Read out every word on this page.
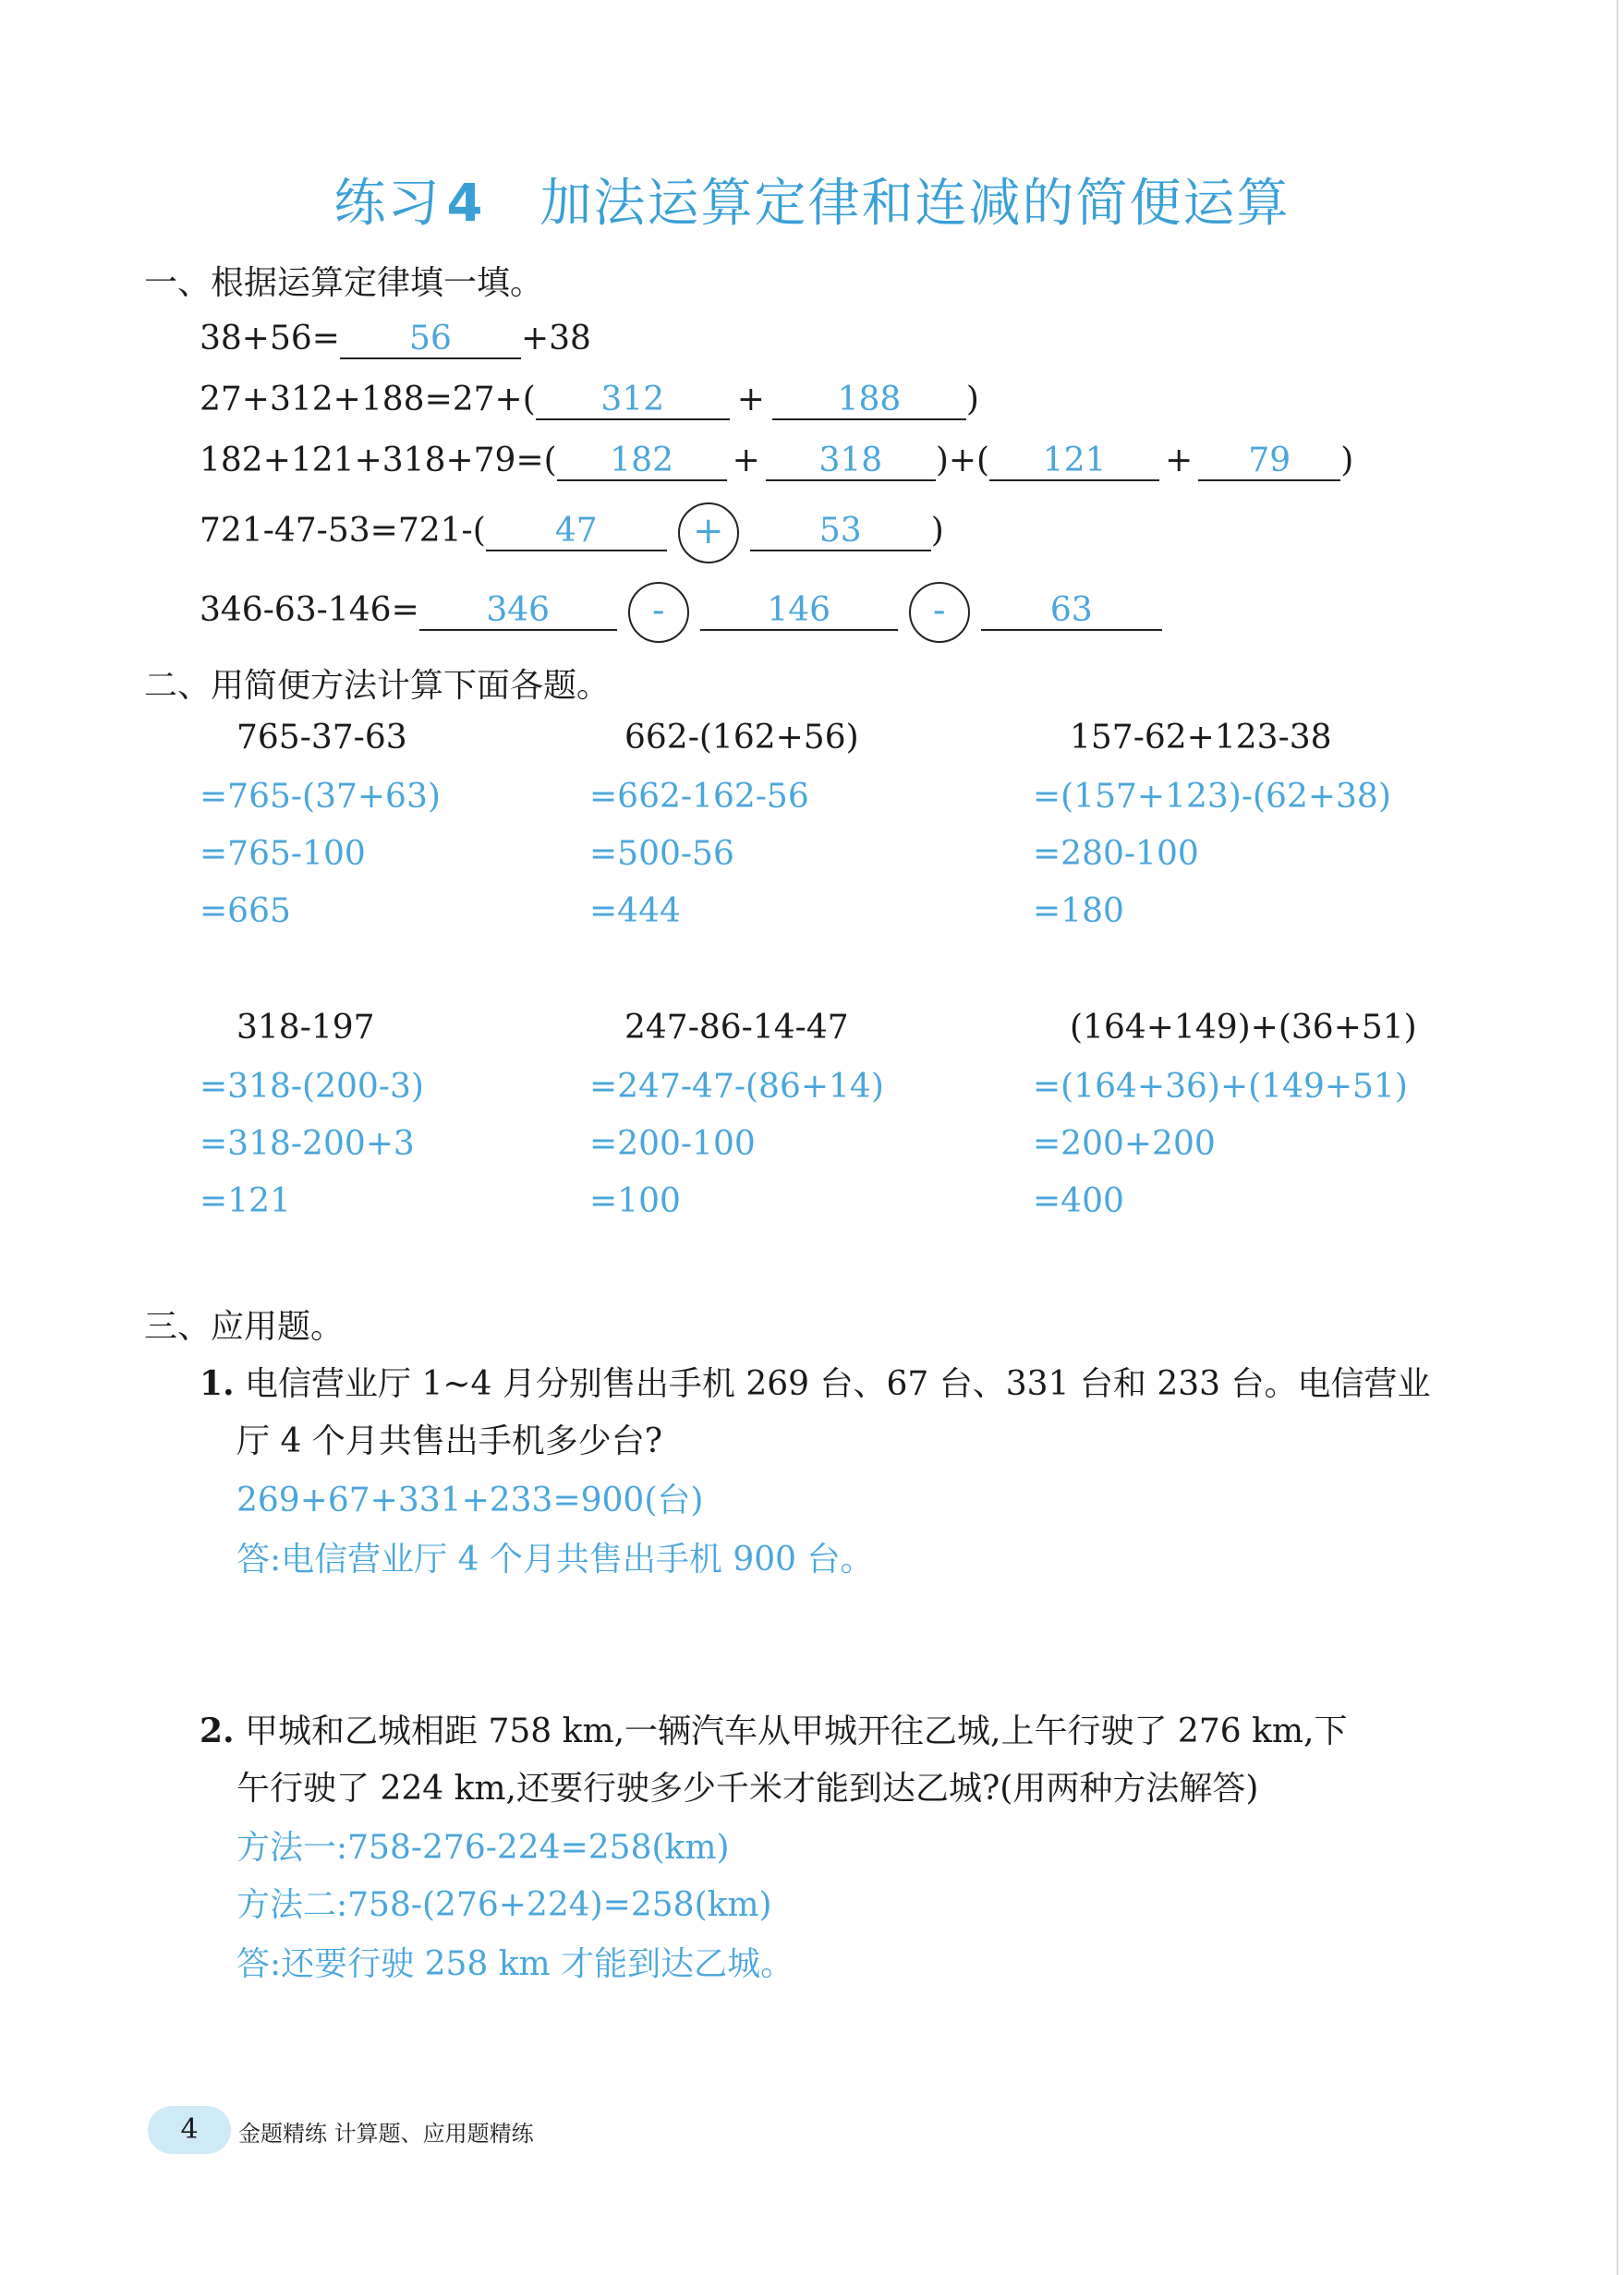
练习 4 加法运算定律和连减的简便运算
一、根据运算定律填一填。
38+56= 56 +38
27+312+188=27+( 312 + 188 )
182+121+318+79=( 182 + 318 )+( 121 + 79 )
721-47-53=721-( 47	+	53 )
346-63-146= 346	-	146	-	63
二、用简便方法计算下面各题。
765-37-63
=765-(37+63)
=765-100
=665
662-(162+56)
=662-162-56
=500-56
=444
157-62+123-38
=(157+123)-(62+38)
=280-100
=180
318-197
=318-(200-3)
=318-200+3
=121
247-86-14-47
=247-47-(86+14)
=200-100
=100
(164+149)+(36+51)
=(164+36)+(149+51)
=200+200
=400
三、应用题。
1. 电信营业厅 1~4 月分别售出手机 269 台、67 台、331 台和 233 台。电信营业
厅 4 个月共售出手机多少台?
269+67+331+233=900(台)
答:电信营业厅 4 个月共售出手机 900 台。
2. 甲城和乙城相距 758 km,一辆汽车从甲城开往乙城,上午行驶了 276 km,下
午行驶了 224 km,还要行驶多少千米才能到达乙城?(用两种方法解答)
方法一:758-276-224=258(km)
方法二:758-(276+224)=258(km)
答:还要行驶 258 km 才能到达乙城。
4	金题精练 计算题、应用题精练
